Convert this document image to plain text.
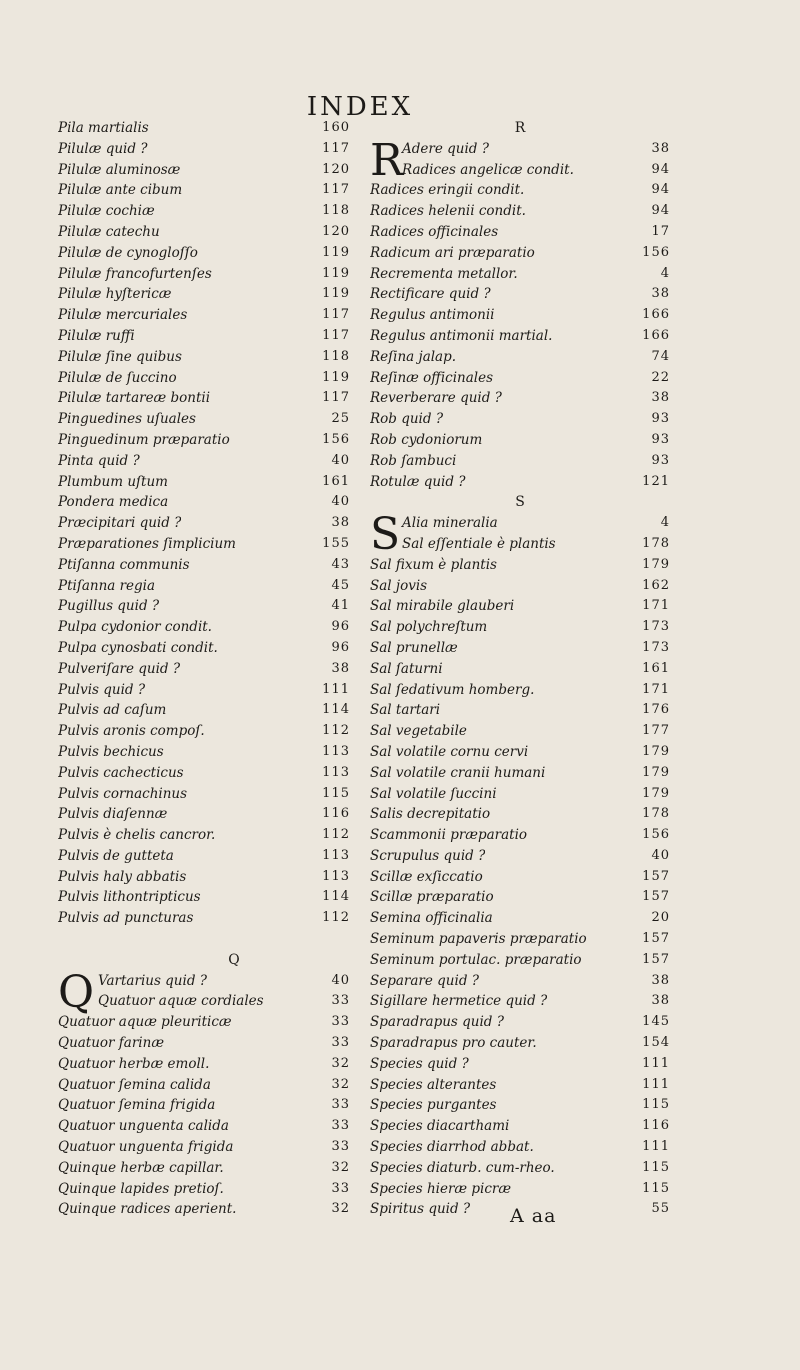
INDEX
Pila martialis	160
Pilulæ quid ?	117
Pilulæ aluminosæ	120
Pilulæ ante cibum	117
Pilulæ cochiæ	118
Pilulæ catechu	120
Pilulæ de cynogloſſo	119
Pilulæ francofurtenſes	119
Pilulæ hyſtericæ	119
Pilulæ mercuriales	117
Pilulæ ruffi	117
Pilulæ ſine quibus	118
Pilulæ de ſuccino	119
Pilulæ tartareæ bontii	117
Pinguedines uſuales	25
Pinguedinum præparatio	156
Pinta quid ?	40
Plumbum uſtum	161
Pondera medica	40
Præcipitari quid ?	38
Præparationes ſimplicium	155
Ptiſanna communis	43
Ptiſanna regia	45
Pugillus quid ?	41
Pulpa cydonior condit.	96
Pulpa cynosbati condit.	96
Pulveriſare quid ?	38
Pulvis quid ?	111
Pulvis ad caſum	114
Pulvis aronis compoſ.	112
Pulvis bechicus	113
Pulvis cachecticus	113
Pulvis cornachinus	115
Pulvis diaſennæ	116
Pulvis è chelis cancror.	112
Pulvis de gutteta	113
Pulvis haly abbatis	113
Pulvis lithontripticus	114
Pulvis ad puncturas	112
Q
Q Vartarius quid ?	40
Quatuor aquæ cordiales	33
Quatuor aquæ pleuriticæ	33
Quatuor farinæ	33
Quatuor herbæ emoll.	32
Quatuor ſemina calida	32
Quatuor ſemina frigida	33
Quatuor unguenta calida	33
Quatuor unguenta frigida	33
Quinque herbæ capillar.	32
Quinque lapides pretioſ.	33
Quinque radices aperient.	32
R
R
Adere quid ?	38
Radices angelicæ condit.	94
Radices eringii condit.	94
Radices helenii condit.	94
Radices officinales	17
Radicum ari præparatio	156
Recrementa metallor.	4
Rectificare quid ?	38
Regulus antimonii	166
Regulus antimonii martial.	166
Reſina jalap.	74
Reſinæ officinales	22
Reverberare quid ?	38
Rob quid ?	93
Rob cydoniorum	93
Rob ſambuci	93
Rotulæ quid ?	121
S
S Alia mineralia	4
Sal eſſentiale è plantis	178
Sal fixum è plantis	179
Sal jovis	162
Sal mirabile glauberi	171
Sal polychreſtum	173
Sal prunellæ	173
Sal ſaturni	161
Sal ſedativum homberg.	171
Sal tartari	176
Sal vegetabile	177
Sal volatile cornu cervi	179
Sal volatile cranii humani	179
Sal volatile ſuccini	179
Salis decrepitatio	178
Scammonii præparatio	156
Scrupulus quid ?	40
Scillæ exſiccatio	157
Scillæ præparatio	157
Semina officinalia	20
Seminum papaveris præparatio	157
Seminum portulac. præparatio	157
Separare quid ?	38
Sigillare hermetice quid ?	38
Sparadrapus quid ?	145
Sparadrapus pro cauter.	154
Species quid ?	111
Species alterantes	111
Species purgantes	115
Species diacarthami	116
Species diarrhod abbat.	111
Species diaturb. cum-rheo.	115
Species hieræ picræ	115
Spiritus quid ?	55
A aa
